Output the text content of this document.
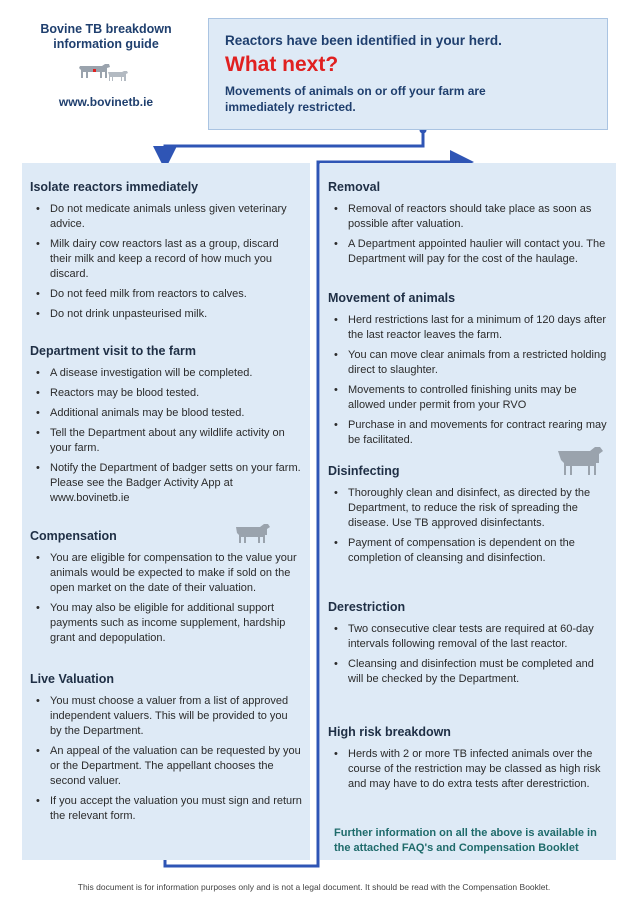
Bovine TB breakdown
information guide
www.bovinetb.ie
Reactors have been identified in your herd.
What next?
Movements of animals on or off your farm are immediately restricted.
Isolate reactors immediately
• Do not medicate animals unless given veterinary advice.
• Milk dairy cow reactors last as a group, discard their milk and keep a record of how much you discard.
• Do not feed milk from reactors to calves.
• Do not drink unpasteurised milk.
Department visit to the farm
• A disease investigation will be completed.
• Reactors may be blood tested.
• Additional animals may be blood tested.
• Tell the Department about any wildlife activity on your farm.
• Notify the Department of badger setts on your farm. Please see the Badger Activity App at www.bovinetb.ie
Compensation
• You are eligible for compensation to the value your animals would be expected to make if sold on the open market on the date of their valuation.
• You may also be eligible for additional support payments such as income supplement, hardship grant and depopulation.
Live Valuation
• You must choose a valuer from a list of approved independent valuers. This will be provided to you by the Department.
• An appeal of the valuation can be requested by you or the Department. The appellant chooses the second valuer.
• If you accept the valuation you must sign and return the relevant form.
Removal
• Removal of reactors should take place as soon as possible after valuation.
• A Department appointed haulier will contact you. The Department will pay for the cost of the haulage.
Movement of animals
• Herd restrictions last for a minimum of 120 days after the last reactor leaves the farm.
• You can move clear animals from a restricted holding direct to slaughter.
• Movements to controlled finishing units may be allowed under permit from your RVO
• Purchase in and movements for contract rearing may be facilitated.
Disinfecting
• Thoroughly clean and disinfect, as directed by the Department, to reduce the risk of spreading the disease. Use TB approved disinfectants.
• Payment of compensation is dependent on the completion of cleansing and disinfection.
Derestriction
• Two consecutive clear tests are required at 60-day intervals following removal of the last reactor.
• Cleansing and disinfection must be completed and will be checked by the Department.
High risk breakdown
• Herds with 2 or more TB infected animals over the course of the restriction may be classed as high risk and may have to do extra tests after derestriction.
Further information on all the above is available in the attached FAQ's and Compensation Booklet
This document is for information purposes only and is not a legal document. It should be read with the Compensation Booklet.
